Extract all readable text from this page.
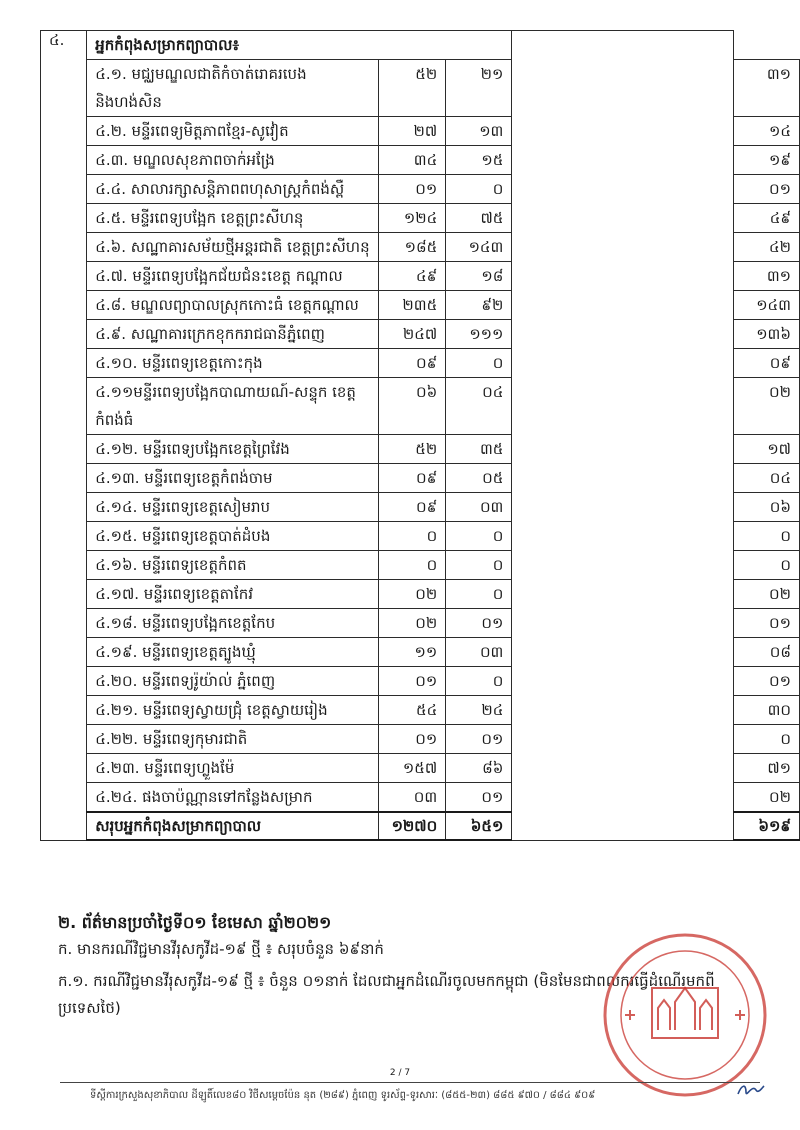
៤.	អ្នកកំពុងសម្រាកព្យាបាល៖				
	៤.១. មជ្ឈមណ្ឌលជាតិកំចាត់រោគរបេង និងហង់សិន	៥២	២១		៣១
	៤.២. មន្ទីរពេទ្យមិត្តភាពខ្មែរ-សូវៀត	២៧	១៣		១៤
	៤.៣. មណ្ឌលសុខភាពចាក់អង្រែ	៣៤	១៥		១៩
	៤.៤. សាលារក្សាសន្តិភាពពហុសាស្ត្រកំពង់ស្ពឺ	០១	០		០១
	៤.៥. មន្ទីរពេទ្យបង្អែក ខេត្តព្រះសីហនុ	១២៤	៧៥		៤៩
	៤.៦. សណ្ឋាគារសម័យថ្មីអន្តរជាតិ ខេត្តព្រះសីហនុ	១៨៥	១៤៣		៤២
	៤.៧. មន្ទីរពេទ្យបង្អែកជ័យជំនះខេត្ត កណ្តាល	៤៩	១៨		៣១
	៤.៨. មណ្ឌលព្យាបាលស្រុកកោះធំ ខេត្តកណ្តាល	២៣៥	៩២		១៤៣
	៤.៩. សណ្ឋាគារក្រេកខុកករាជធានីភ្នំពេញ	២៤៧	១១១		១៣៦
	៤.១០. មន្ទីរពេទ្យខេត្តកោះកុង	០៩	០		០៩
	៤.១១មន្ទីរពេទ្យបង្អែកបាណាយណ៍-សន្ទុក ខេត្តកំពង់ធំ	០៦	០៤		០២
	៤.១២. មន្ទីរពេទ្យបង្អែកខេត្តព្រៃវែង	៥២	៣៥		១៧
	៤.១៣. មន្ទីរពេទ្យខេត្តកំពង់ចាម	០៩	០៥		០៤
	៤.១៤. មន្ទីរពេទ្យខេត្តសៀមរាប	០៩	០៣		០៦
	៤.១៥. មន្ទីរពេទ្យខេត្តបាត់ដំបង	០	០		០
	៤.១៦. មន្ទីរពេទ្យខេត្តកំពត	០	០		០
	៤.១៧. មន្ទីរពេទ្យខេត្តតាកែវ	០២	០		០២
	៤.១៨. មន្ទីរពេទ្យបង្អែកខេត្តកែប	០២	០១		០១
	៤.១៩. មន្ទីរពេទ្យខេត្តត្បូងឃ្មុំ	១១	០៣		០៨
	៤.២០. មន្ទីរពេទ្យរ៉ូយ៉ាល់ ភ្នំពេញ	០១	០		០១
	៤.២១. មន្ទីរពេទ្យស្វាយជ្រុំ ខេត្តស្វាយរៀង	៥៤	២៤		៣០
	៤.២២. មន្ទីរពេទ្យកុមារជាតិ	០១	០១		០
	៤.២៣. មន្ទីរពេទ្យហ្លួងម៉ែ	១៥៧	៨៦		៧១
	៤.២៤. ផងចាប៉ណ្ណានទៅកន្លែងសម្រាក	០៣	០១		០២
	សរុបអ្នកកំពុងសម្រាកព្យាបាល	១២៧០	៦៥១		៦១៩
២. ព័ត៌មានប្រចាំថ្ងៃទី០១ ខែមេសា ឆ្នាំ២០២១
ក. មានករណីវិជ្ជមានវីរុសកូវីដ-១៩ ថ្មី ៖ សរុបចំនួន ៦៩នាក់
ក.១. ករណីវិជ្ជមានវីរុសកូវីដ-១៩ ថ្មី ៖ ចំនួន ០១នាក់ ដែលជាអ្នកដំណើរចូលមកកម្ពុជា (មិនមែនជាពលករធ្វើដំណើរមកពីប្រទេសថៃ)
2 / 7
ទីស្តីការក្រសួងសុខាភិបាល ដីឡូតិ៍លេខ៨០ វិថីសម្តេចប៉ែន នុត (២៨៩) ភ្នំពេញ ទូរស័ព្ទ-ទូរសារៈ (៨៥៥-២៣) ៨៨៥ ៩៧០ / ៨៨៤ ៩០៩
